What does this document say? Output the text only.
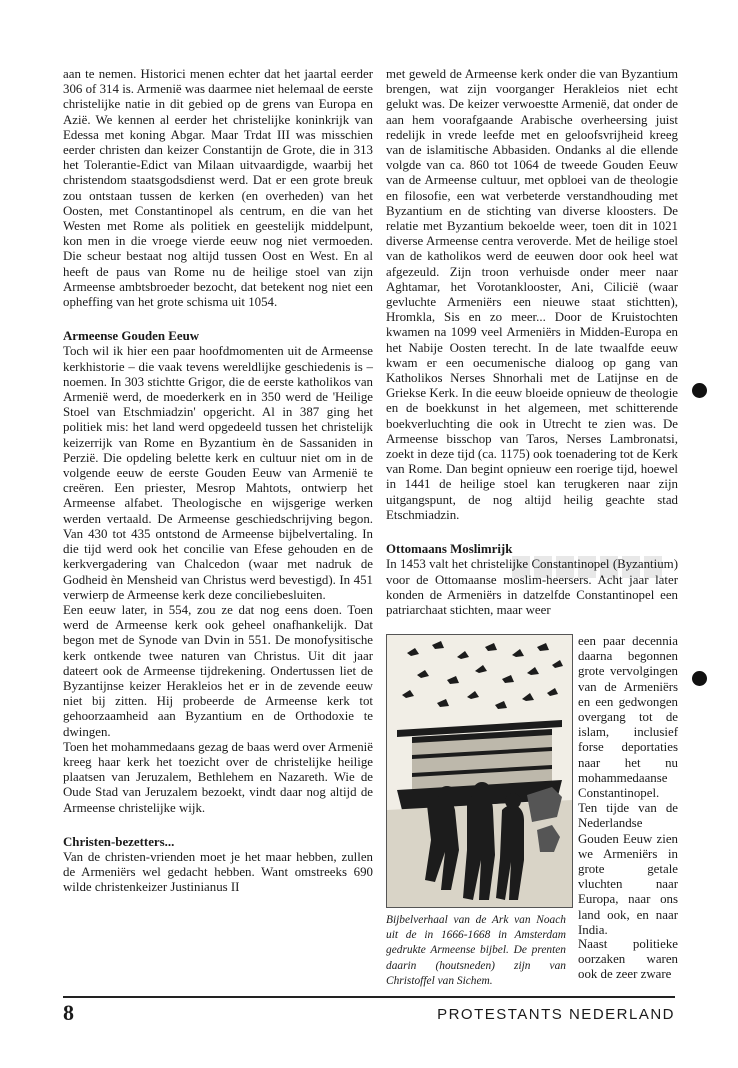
aan te nemen. Historici menen echter dat het jaartal eerder 306 of 314 is. Armenië was daarmee niet helemaal de eerste christelijke natie in dit gebied op de grens van Europa en Azië. We kennen al eerder het christelijke koninkrijk van Edessa met koning Abgar. Maar Trdat III was misschien eerder christen dan keizer Constantijn de Grote, die in 313 het Tolerantie-Edict van Milaan uitvaardigde, waarbij het christendom staatsgodsdienst werd. Dat er een grote breuk zou ontstaan tussen de kerken (en overheden) van het Oosten, met Constantinopel als centrum, en die van het Westen met Rome als politiek en geestelijk middelpunt, kon men in die vroege vierde eeuw nog niet vermoeden. Die scheur bestaat nog altijd tussen Oost en West. En al heeft de paus van Rome nu de heilige stoel van zijn Armeense ambtsbroeder bezocht, dat betekent nog niet een opheffing van het grote schisma uit 1054.

Armeense Gouden Eeuw

Toch wil ik hier een paar hoofdmomenten uit de Armeense kerkhistorie – die vaak tevens wereldlijke geschiedenis is – noemen. In 303 stichtte Grigor, die de eerste katholikos van Armenië werd, de moederkerk en in 350 werd de 'Heilige Stoel van Etschmiadzin' opgericht. Al in 387 ging het politiek mis: het land werd opgedeeld tussen het christelijk keizerrijk van Rome en Byzantium èn de Sassaniden in Perzië. Die opdeling belette kerk en cultuur niet om in de volgende eeuw de eerste Gouden Eeuw van Armenië te creëren. Een priester, Mesrop Mahtots, ontwierp het Armeense alfabet. Theologische en wijsgerige werken werden vertaald. De Armeense geschiedschrijving begon. Van 430 tot 435 ontstond de Armeense bijbelvertaling. In die tijd werd ook het concilie van Efese gehouden en de kerkvergadering van Chalcedon (waar met nadruk de Godheid èn Mensheid van Christus werd bevestigd). In 451 verwierp de Armeense kerk deze conciliebesluiten.

Een eeuw later, in 554, zou ze dat nog eens doen. Toen werd de Armeense kerk ook geheel onafhankelijk. Dat begon met de Synode van Dvin in 551. De monofysitische kerk ontkende twee naturen van Christus. Uit dit jaar dateert ook de Armeense tijdrekening. Ondertussen liet de Byzantijnse keizer Herakleios het er in de zevende eeuw niet bij zitten. Hij probeerde de Armeense kerk tot gehoorzaamheid aan Byzantium en de Orthodoxie te dwingen.

Toen het mohammedaans gezag de baas werd over Armenië kreeg haar kerk het toezicht over de christelijke heilige plaatsen van Jeruzalem, Bethlehem en Nazareth. Wie de Oude Stad van Jeruzalem bezoekt, vindt daar nog altijd de Armeense christelijke wijk.

Christen-bezetters...

Van de christen-vrienden moet je het maar hebben, zullen de Armeniërs wel gedacht hebben. Want omstreeks 690 wilde christenkeizer Justinianus II

met geweld de Armeense kerk onder die van Byzantium brengen, wat zijn voorganger Herakleios niet echt gelukt was. De keizer verwoestte Armenië, dat onder de aan hem voorafgaande Arabische overheersing juist redelijk in vrede leefde met en geloofsvrijheid kreeg van de islamitische Abbasiden. Ondanks al die ellende volgde van ca. 860 tot 1064 de tweede Gouden Eeuw van de Armeense cultuur, met opbloei van de theologie en filosofie, een wat verbeterde verstandhouding met Byzantium en de stichting van diverse kloosters. De relatie met Byzantium bekoelde weer, toen dit in 1021 diverse Armeense centra veroverde. Met de heilige stoel van de katholikos werd de eeuwen door ook heel wat afgezeuld. Zijn troon verhuisde onder meer naar Aghtamar, het Vorotanklooster, Ani, Cilicië (waar gevluchte Armeniërs een nieuwe staat stichtten), Hromkla, Sis en zo meer... Door de Kruistochten kwamen na 1099 veel Armeniërs in Midden-Europa en het Nabije Oosten terecht. In de late twaalfde eeuw kwam er een oecumenische dialoog op gang van Katholikos Nerses Shnorhali met de Latijnse en de Griekse Kerk. In die eeuw bloeide opnieuw de theologie en de boekkunst in het algemeen, met schitterende boekverluchting die ook in Utrecht te zien was. De Armeense bisschop van Taros, Nerses Lambronatsi, zoekt in deze tijd (ca. 1175) ook toenadering tot de Kerk van Rome. Dan begint opnieuw een roerige tijd, hoewel in 1441 de heilige stoel kan terugkeren naar zijn uitgangspunt, de nog altijd heilig geachte stad Etschmiadzin.

Ottomaans Moslimrijk

In 1453 valt het christelijke Constantinopel (Byzantium) voor de Ottomaanse moslim-heersers. Acht jaar later konden de Armeniërs in datzelfde Constantinopel een patriarchaat stichten, maar weer

Bijbelverhaal van de Ark van Noach uit de in 1666-1668 in Amsterdam gedrukte Armeense bijbel. De prenten daarin (houtsneden) zijn van Christoffel van Sichem.

een paar decennia daarna begonnen grote vervolgingen van de Armeniërs en een gedwongen overgang tot de islam, inclusief forse deportaties naar het nu mohammedaanse Constantinopel. Ten tijde van de Nederlandse Gouden Eeuw zien we Armeniërs in grote getale vluchten naar Europa, naar ons land ook, en naar India.

Naast politieke oorzaken waren ook de zeer zware

8	PROTESTANTS NEDERLAND
